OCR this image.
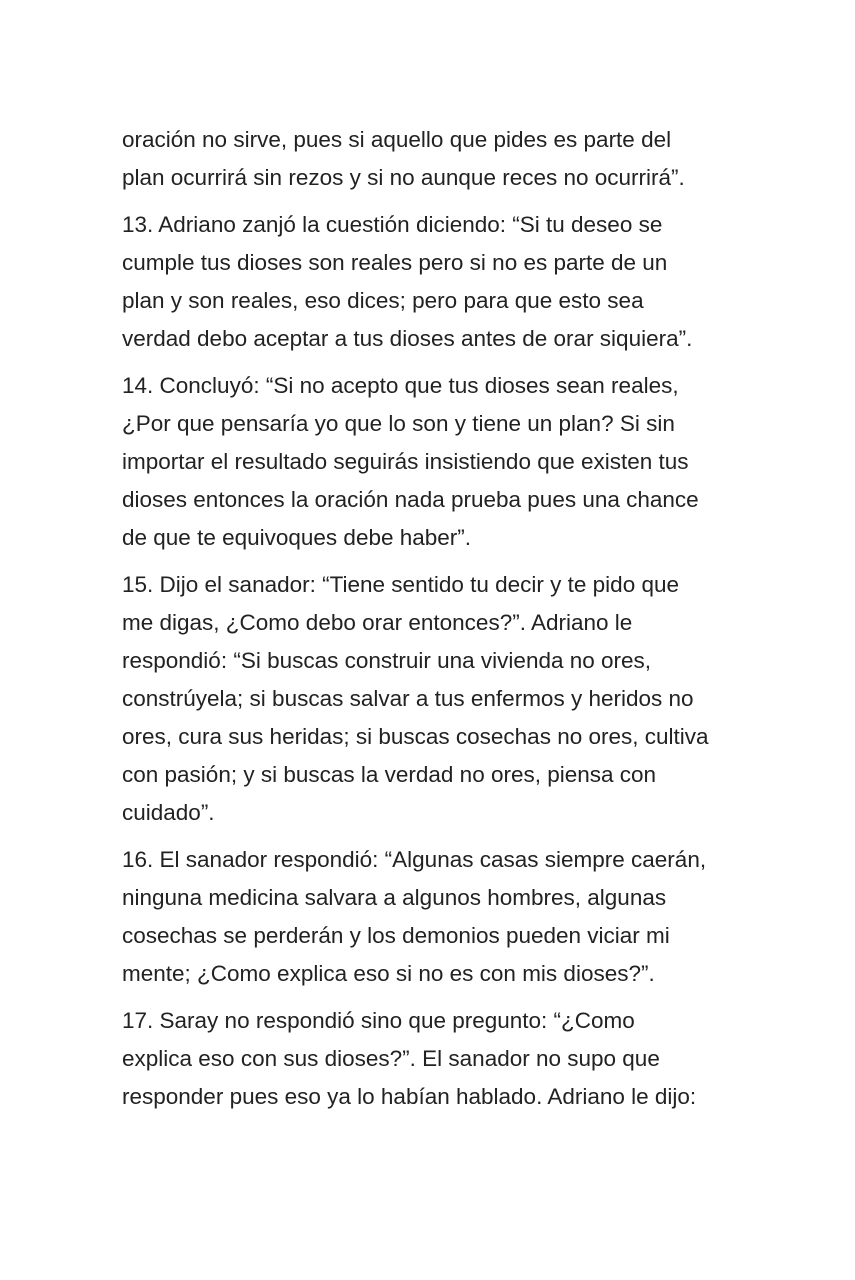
oración no sirve, pues si aquello que pides es parte del
plan ocurrirá sin rezos y si no aunque reces no ocurrirá”.

13. Adriano zanjó la cuestión diciendo: “Si tu deseo se
cumple tus dioses son reales pero si no es parte de un
plan y son reales, eso dices; pero para que esto sea
verdad debo aceptar a tus dioses antes de orar siquiera”.

14. Concluyó: “Si no acepto que tus dioses sean reales,
¿Por que pensaría yo que lo son y tiene un plan? Si sin
importar el resultado seguirás insistiendo que existen tus
dioses entonces la oración nada prueba pues una chance
de que te equivoques debe haber”.

15. Dijo el sanador: “Tiene sentido tu decir y te pido que
me digas, ¿Como debo orar entonces?”. Adriano le
respondió: “Si buscas construir una vivienda no ores,
constrúyela; si buscas salvar a tus enfermos y heridos no
ores, cura sus heridas; si buscas cosechas no ores, cultiva
con pasión; y si buscas la verdad no ores, piensa con
cuidado”.

16. El sanador respondió: “Algunas casas siempre caerán,
ninguna medicina salvara a algunos hombres, algunas
cosechas se perderán y los demonios pueden viciar mi
mente; ¿Como explica eso si no es con mis dioses?”.

17. Saray no respondió sino que pregunto: “¿Como
explica eso con sus dioses?”. El sanador no supo que
responder pues eso ya lo habían hablado. Adriano le dijo:
